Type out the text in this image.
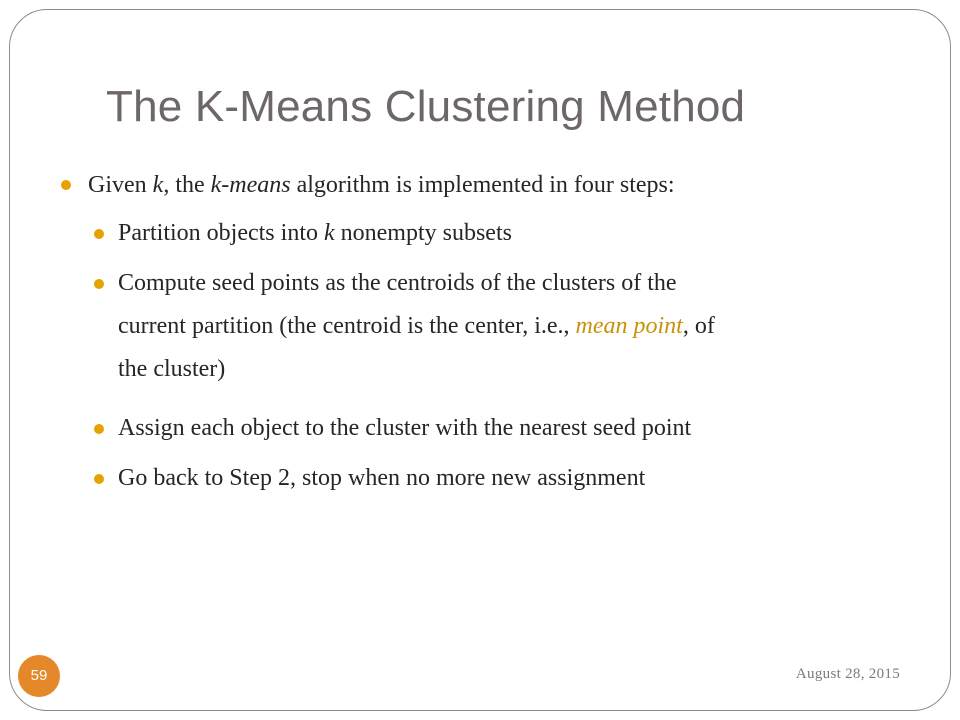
The K-Means Clustering Method
Given k, the k-means algorithm is implemented in four steps:
Partition objects into k nonempty subsets
Compute seed points as the centroids of the clusters of the
current partition (the centroid is the center, i.e., mean point, of
the cluster)
Assign each object to the cluster with the nearest seed point
Go back to Step 2, stop when no more new assignment
59	August 28, 2015
